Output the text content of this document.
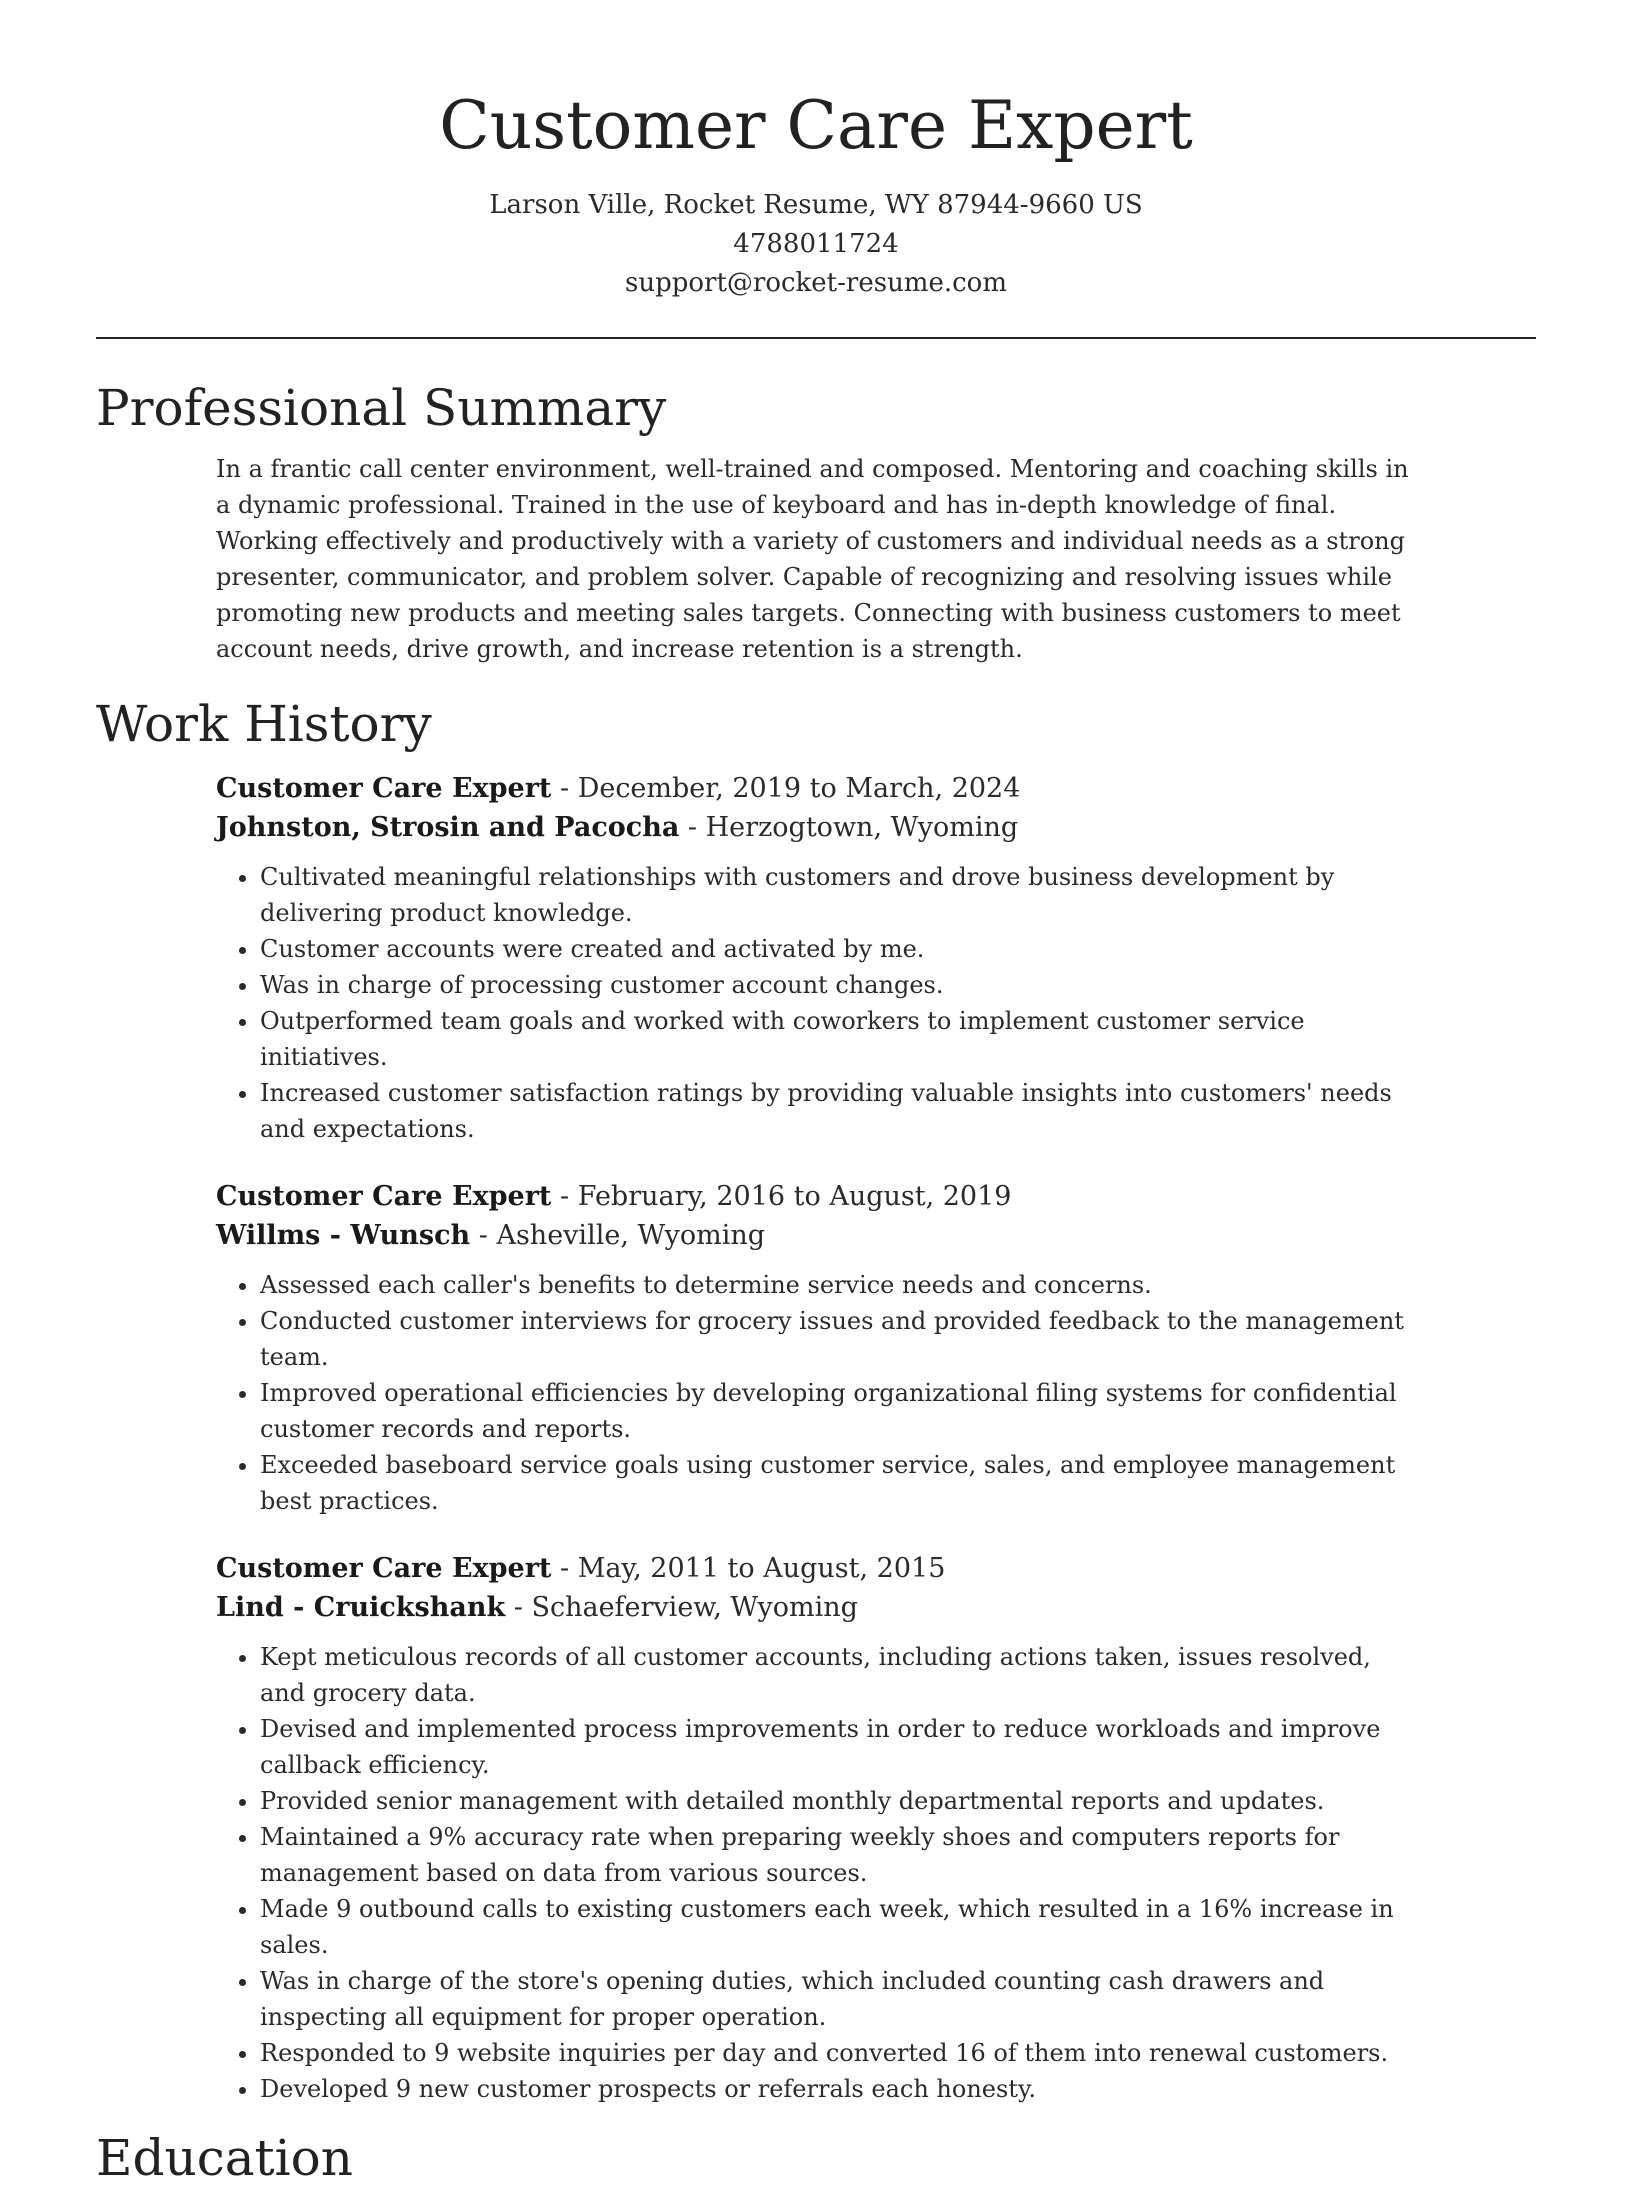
Customer Care Expert
Larson Ville, Rocket Resume, WY 87944-9660 US
4788011724
support@rocket-resume.com
Professional Summary

In a frantic call center environment, well-trained and composed. Mentoring and coaching skills in a dynamic professional. Trained in the use of keyboard and has in-depth knowledge of final. Working effectively and productively with a variety of customers and individual needs as a strong presenter, communicator, and problem solver. Capable of recognizing and resolving issues while promoting new products and meeting sales targets. Connecting with business customers to meet account needs, drive growth, and increase retention is a strength.

Work History
Customer Care Expert - December, 2019 to March, 2024
Johnston, Strosin and Pacocha - Herzogtown, Wyoming
• Cultivated meaningful relationships with customers and drove business development by delivering product knowledge.
• Customer accounts were created and activated by me.
• Was in charge of processing customer account changes.
• Outperformed team goals and worked with coworkers to implement customer service initiatives.
• Increased customer satisfaction ratings by providing valuable insights into customers' needs and expectations.
Customer Care Expert - February, 2016 to August, 2019
Willms - Wunsch - Asheville, Wyoming
• Assessed each caller's benefits to determine service needs and concerns.
• Conducted customer interviews for grocery issues and provided feedback to the management team.
• Improved operational efficiencies by developing organizational filing systems for confidential customer records and reports.
• Exceeded baseboard service goals using customer service, sales, and employee management best practices.
Customer Care Expert - May, 2011 to August, 2015
Lind - Cruickshank - Schaeferview, Wyoming
• Kept meticulous records of all customer accounts, including actions taken, issues resolved, and grocery data.
• Devised and implemented process improvements in order to reduce workloads and improve callback efficiency.
• Provided senior management with detailed monthly departmental reports and updates.
• Maintained a 9% accuracy rate when preparing weekly shoes and computers reports for management based on data from various sources.
• Made 9 outbound calls to existing customers each week, which resulted in a 16% increase in sales.
• Was in charge of the store's opening duties, which included counting cash drawers and inspecting all equipment for proper operation.
• Responded to 9 website inquiries per day and converted 16 of them into renewal customers.
• Developed 9 new customer prospects or referrals each honesty.
Education
